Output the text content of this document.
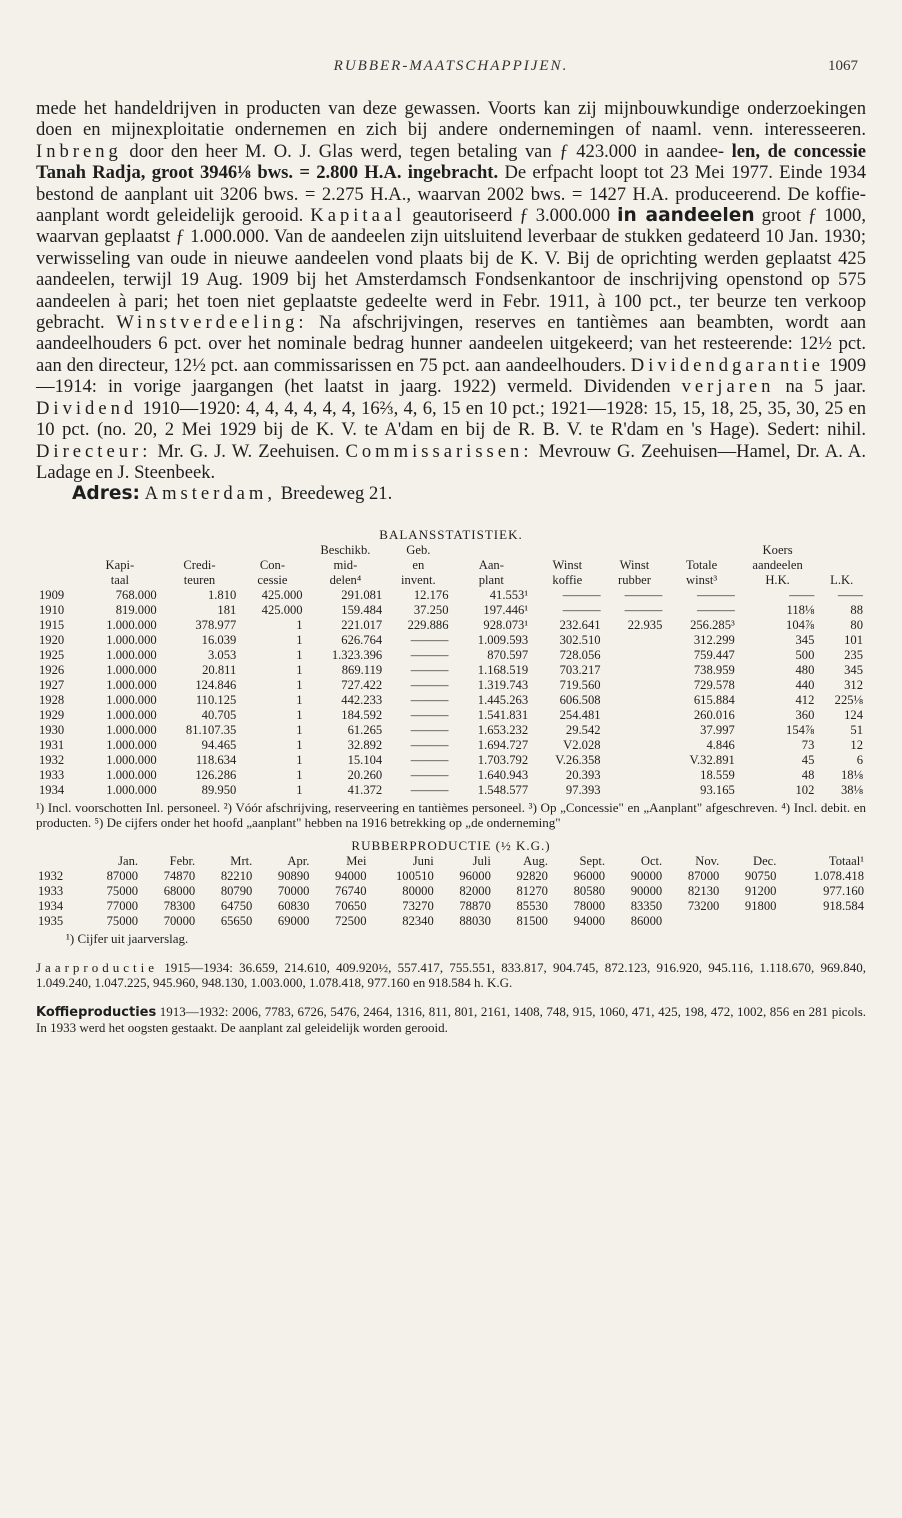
RUBBER-MAATSCHAPPIJEN.	1067

mede het handeldrijven in producten van deze gewassen. Voorts kan zij mijnbouwkundige onderzoekingen doen en mijnexploitatie ondernemen en zich bij andere ondernemingen of naaml. venn. interesseeren. Inbreng door den heer M. O. J. Glas werd, tegen betaling van ƒ 423.000 in aandee- len, de concessie Tanah Radja, groot 3946⅛ bws. = 2.800 H.A. ingebracht. De erfpacht loopt tot 23 Mei 1977. Einde 1934 bestond de aanplant uit 3206 bws. = 2.275 H.A., waarvan 2002 bws. = 1427 H.A. produceerend. De koffie-aanplant wordt geleidelijk gerooid. Kapitaal geautoriseerd ƒ 3.000.000 in aandeelen groot ƒ 1000, waarvan geplaatst ƒ 1.000.000. Van de aandeelen zijn uitsluitend leverbaar de stukken gedateerd 10 Jan. 1930; verwisseling van oude in nieuwe aandeelen vond plaats bij de K. V. Bij de oprichting werden geplaatst 425 aandeelen, terwijl 19 Aug. 1909 bij het Amsterdamsch Fondsenkantoor de inschrijving openstond op 575 aandeelen à pari; het toen niet geplaatste gedeelte werd in Febr. 1911, à 100 pct., ter beurze ten verkoop gebracht. Winstverdeeling: Na afschrijvingen, reserves en tantièmes aan beambten, wordt aan aandeelhouders 6 pct. over het nominale bedrag hunner aandeelen uitgekeerd; van het resteerende: 12½ pct. aan den directeur, 12½ pct. aan commissarissen en 75 pct. aan aandeelhouders. Dividendgarantie 1909—1914: in vorige jaargangen (het laatst in jaarg. 1922) vermeld. Dividenden verjaren na 5 jaar. Dividend 1910—1920: 4, 4, 4, 4, 4, 4, 16⅔, 4, 6, 15 en 10 pct.; 1921—1928: 15, 15, 18, 25, 35, 30, 25 en 10 pct. (no. 20, 2 Mei 1929 bij de K. V. te A'dam en bij de R. B. V. te R'dam en 's Hage). Sedert: nihil. Directeur: Mr. G. J. W. Zeehuisen. Commissarissen: Mevrouw G. Zeehuisen—Hamel, Dr. A. A. Ladage en J. Steenbeek.

Adres: Amsterdam, Breedeweg 21.

BALANSSTATISTIEK.
				Beschikb.	Geb.					Koers	
	Kapi-	Credi-	Con-	mid-	en	Aan-	Winst	Winst	Totale	aandeelen	
	taal	teuren	cessie	delen⁴	invent.	plant	koffie	rubber	winst³	H.K.	L.K.
1909	768.000	1.810	425.000	291.081	12.176	41.553¹	———	———	———	——	——
1910	819.000	181	425.000	159.484	37.250	197.446¹	———	———	———	118⅛	88
1915	1.000.000	378.977	1	221.017	229.886	928.073¹	232.641	22.935	256.285³	104⅞	80
1920	1.000.000	16.039	1	626.764	———	1.009.593	302.510		312.299	345	101
1925	1.000.000	3.053	1	1.323.396	———	870.597	728.056		759.447	500	235
1926	1.000.000	20.811	1	869.119	———	1.168.519	703.217		738.959	480	345
1927	1.000.000	124.846	1	727.422	———	1.319.743	719.560		729.578	440	312
1928	1.000.000	110.125	1	442.233	———	1.445.263	606.508		615.884	412	225⅛
1929	1.000.000	40.705	1	184.592	———	1.541.831	254.481		260.016	360	124
1930	1.000.000	81.107.35	1	61.265	———	1.653.232	29.542		37.997	154⅞	51
1931	1.000.000	94.465	1	32.892	———	1.694.727	V2.028		4.846	73	12
1932	1.000.000	118.634	1	15.104	———	1.703.792	V.26.358		V.32.891	45	6
1933	1.000.000	126.286	1	20.260	———	1.640.943	20.393		18.559	48	18⅛
1934	1.000.000	89.950	1	41.372	———	1.548.577	97.393		93.165	102	38⅛

¹) Incl. voorschotten Inl. personeel. ²) Vóór afschrijving, reserveering en tantièmes personeel. ³) Op „Concessie" en „Aanplant" afgeschreven. ⁴) Incl. debit. en producten. ⁵) De cijfers onder het hoofd „aanplant" hebben na 1916 betrekking op „de onderneming"

RUBBERPRODUCTIE (½ K.G.)
	Jan.	Febr.	Mrt.	Apr.	Mei	Juni	Juli	Aug.	Sept.	Oct.	Nov.	Dec.	Totaal¹
1932	87000	74870	82210	90890	94000	100510	96000	92820	96000	90000	87000	90750	1.078.418
1933	75000	68000	80790	70000	76740	80000	82000	81270	80580	90000	82130	91200	977.160
1934	77000	78300	64750	60830	70650	73270	78870	85530	78000	83350	73200	91800	918.584
1935	75000	70000	65650	69000	72500	82340	88030	81500	94000	86000			
¹) Cijfer uit jaarverslag.

Jaarproductie 1915—1934: 36.659, 214.610, 409.920½, 557.417, 755.551, 833.817, 904.745, 872.123, 916.920, 945.116, 1.118.670, 969.840, 1.049.240, 1.047.225, 945.960, 948.130, 1.003.000, 1.078.418, 977.160 en 918.584 h. K.G.

Koffieproducties 1913—1932: 2006, 7783, 6726, 5476, 2464, 1316, 811, 801, 2161, 1408, 748, 915, 1060, 471, 425, 198, 472, 1002, 856 en 281 picols. In 1933 werd het oogsten gestaakt. De aanplant zal geleidelijk worden gerooid.
